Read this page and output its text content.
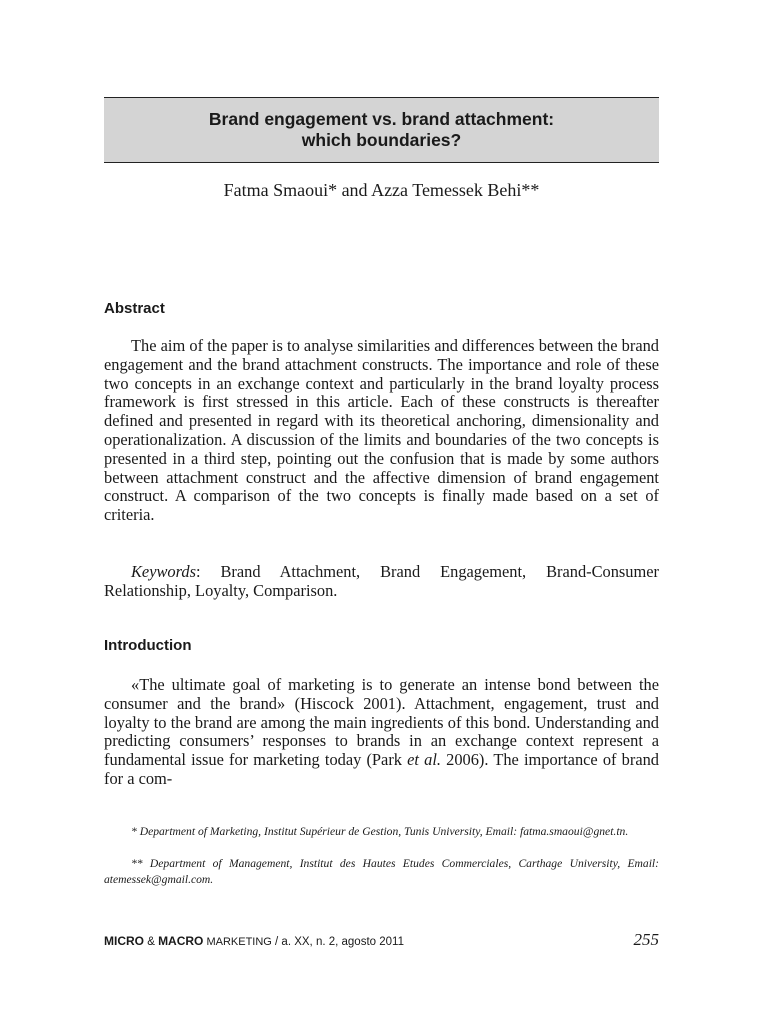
Brand engagement vs. brand attachment:
which boundaries?
Fatma Smaoui* and Azza Temessek Behi**
Abstract
The aim of the paper is to analyse similarities and differences between the brand engagement and the brand attachment constructs. The importance and role of these two concepts in an exchange context and particularly in the brand loyalty process framework is first stressed in this article. Each of these constructs is thereafter defined and presented in regard with its theoretical anchoring, dimensionality and operationalization. A discussion of the limits and boundaries of the two concepts is presented in a third step, pointing out the confusion that is made by some authors between attachment construct and the affective dimension of brand engagement construct. A comparison of the two concepts is finally made based on a set of criteria.
Keywords: Brand Attachment, Brand Engagement, Brand-Consumer Relationship, Loyalty, Comparison.
Introduction
«The ultimate goal of marketing is to generate an intense bond between the consumer and the brand» (Hiscock 2001). Attachment, engagement, trust and loyalty to the brand are among the main ingredients of this bond. Understanding and predicting consumers’ responses to brands in an exchange context represent a fundamental issue for marketing today (Park et al. 2006). The importance of brand for a com-
* Department of Marketing, Institut Supérieur de Gestion, Tunis University, Email: fatma.smaoui@gnet.tn.
** Department of Management, Institut des Hautes Etudes Commerciales, Carthage University, Email: atemessek@gmail.com.
MICRO & MACRO MARKETING / a. XX, n. 2, agosto 2011	255
